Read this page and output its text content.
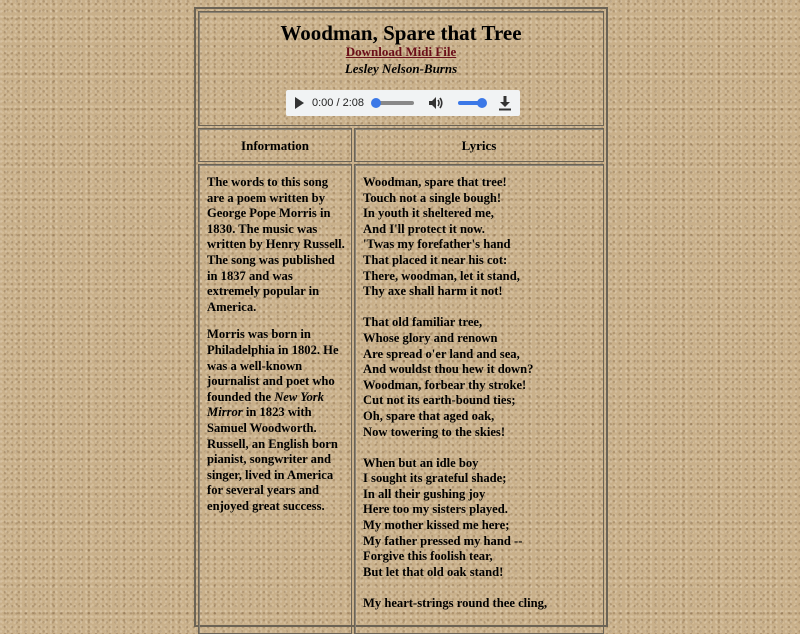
Woodman, Spare that Tree
Download Midi File
Lesley Nelson-Burns
0:00 / 2:08
Information	Lyrics

The words to this song are a poem written by George Pope Morris in 1830. The music was written by Henry Russell. The song was published in 1837 and was extremely popular in America.

Morris was born in Philadelphia in 1802. He was a well-known journalist and poet who founded the New York Mirror in 1823 with Samuel Woodworth. Russell, an English born pianist, songwriter and singer, lived in America for several years and enjoyed great success.

Woodman, spare that tree!
Touch not a single bough!
In youth it sheltered me,
And I'll protect it now.
'Twas my forefather's hand
That placed it near his cot:
There, woodman, let it stand,
Thy axe shall harm it not!
That old familiar tree,
Whose glory and renown
Are spread o'er land and sea,
And wouldst thou hew it down?
Woodman, forbear thy stroke!
Cut not its earth-bound ties;
Oh, spare that aged oak,
Now towering to the skies!
When but an idle boy
I sought its grateful shade;
In all their gushing joy
Here too my sisters played.
My mother kissed me here;
My father pressed my hand --
Forgive this foolish tear,
But let that old oak stand!
My heart-strings round thee cling,
